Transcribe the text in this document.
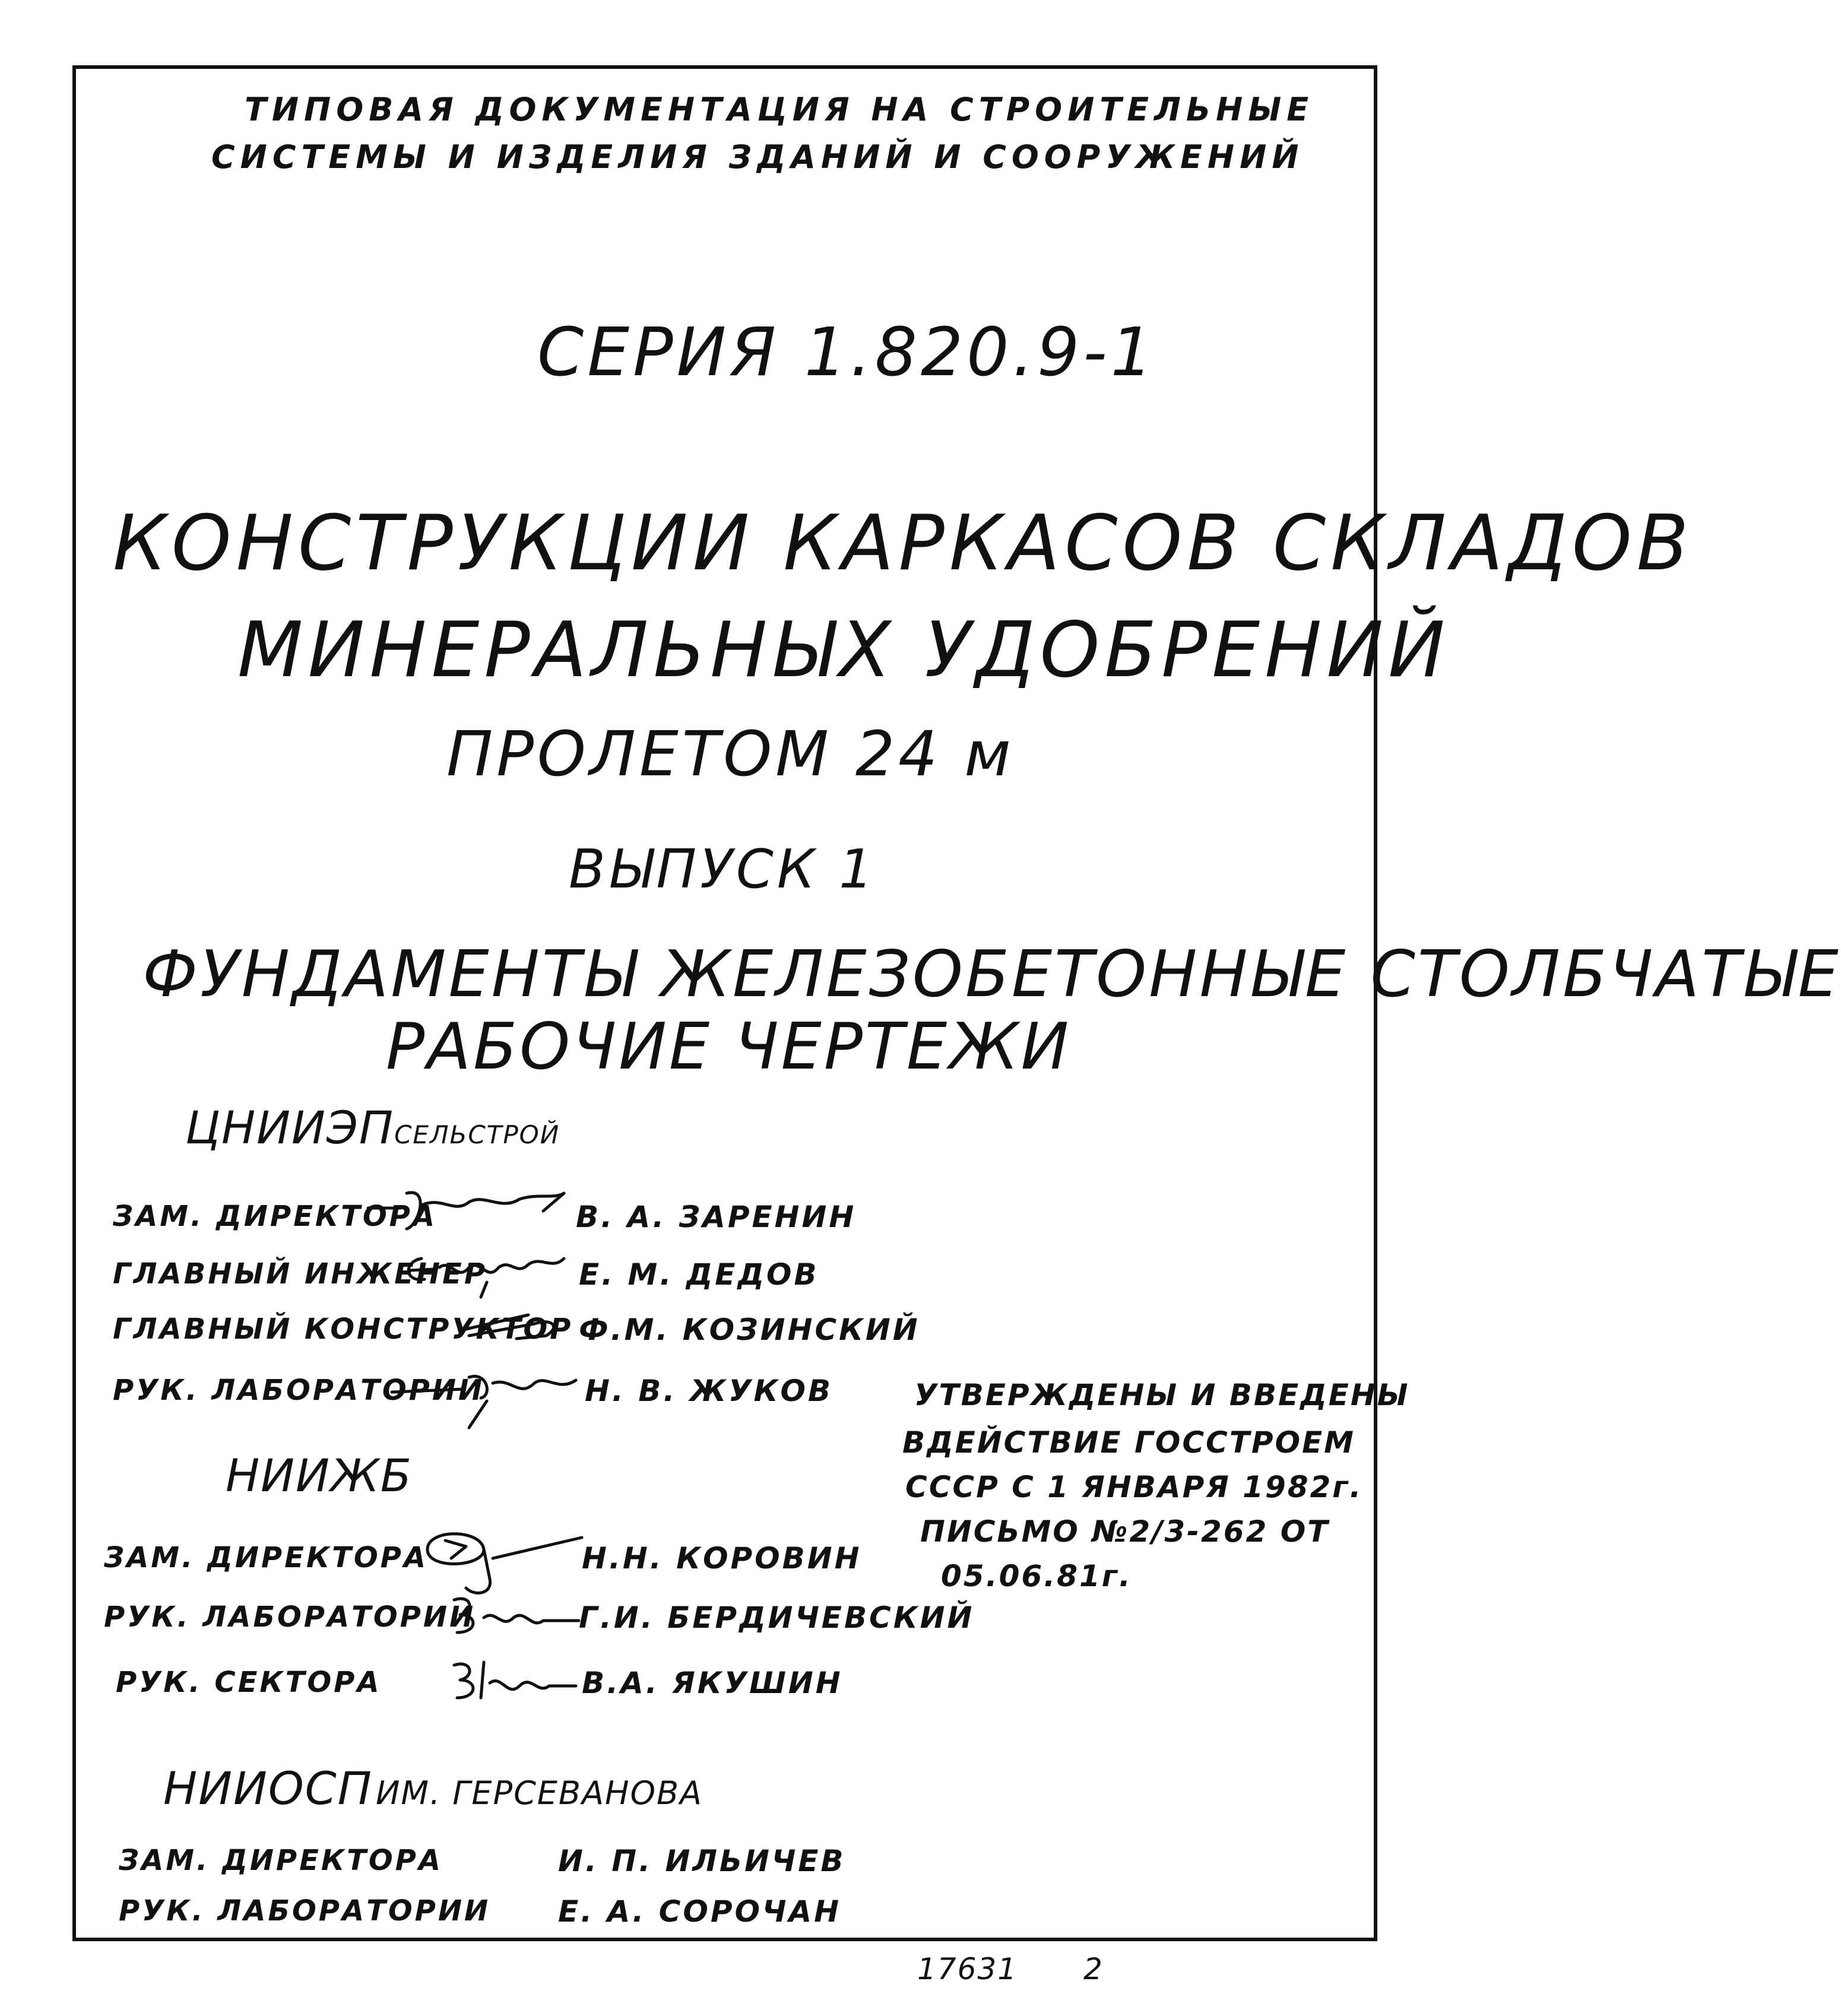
ТИПОВАЯ ДОКУМЕНТАЦИЯ НА СТРОИТЕЛЬНЫЕ
СИСТЕМЫ И ИЗДЕЛИЯ ЗДАНИЙ И СООРУЖЕНИЙ
СЕРИЯ 1.820.9-1
КОНСТРУКЦИИ КАРКАСОВ СКЛАДОВ
МИНЕРАЛЬНЫХ УДОБРЕНИЙ
ПРОЛЕТОМ 24 м
ВЫПУСК 1
ФУНДАМЕНТЫ ЖЕЛЕЗОБЕТОННЫЕ СТОЛБЧАТЫЕ
РАБОЧИЕ ЧЕРТЕЖИ
ЦНИИЭПСЕЛЬСТРОЙ
ЗАМ. ДИРЕКТОРА	В. А. ЗАРЕНИН
ГЛАВНЫЙ ИНЖЕНЕР	Е. М. ДЕДОВ
ГЛАВНЫЙ КОНСТРУКТОР Ф.М. КОЗИНСКИЙ
РУК. ЛАБОРАТОРИИ	Н. В. ЖУКОВ
НИИЖБ
ЗАМ. ДИРЕКТОРА	Н.Н. КОРОВИН
РУК. ЛАБОРАТОРИИ	Г.И. БЕРДИЧЕВСКИЙ
РУК. СЕКТОРА	В.А. ЯКУШИН
НИИОСП ИМ. ГЕРСЕВАНОВА
ЗАМ. ДИРЕКТОРА	И. П. ИЛЬИЧЕВ
РУК. ЛАБОРАТОРИИ Е. А. СОРОЧАН
УТВЕРЖДЕНЫ И ВВЕДЕНЫ
ВДЕЙСТВИЕ ГОССТРОЕМ
СССР С 1 ЯНВАРЯ 1982г.
ПИСЬМО №2/3-262 ОТ
05.06.81г.
17631 2
